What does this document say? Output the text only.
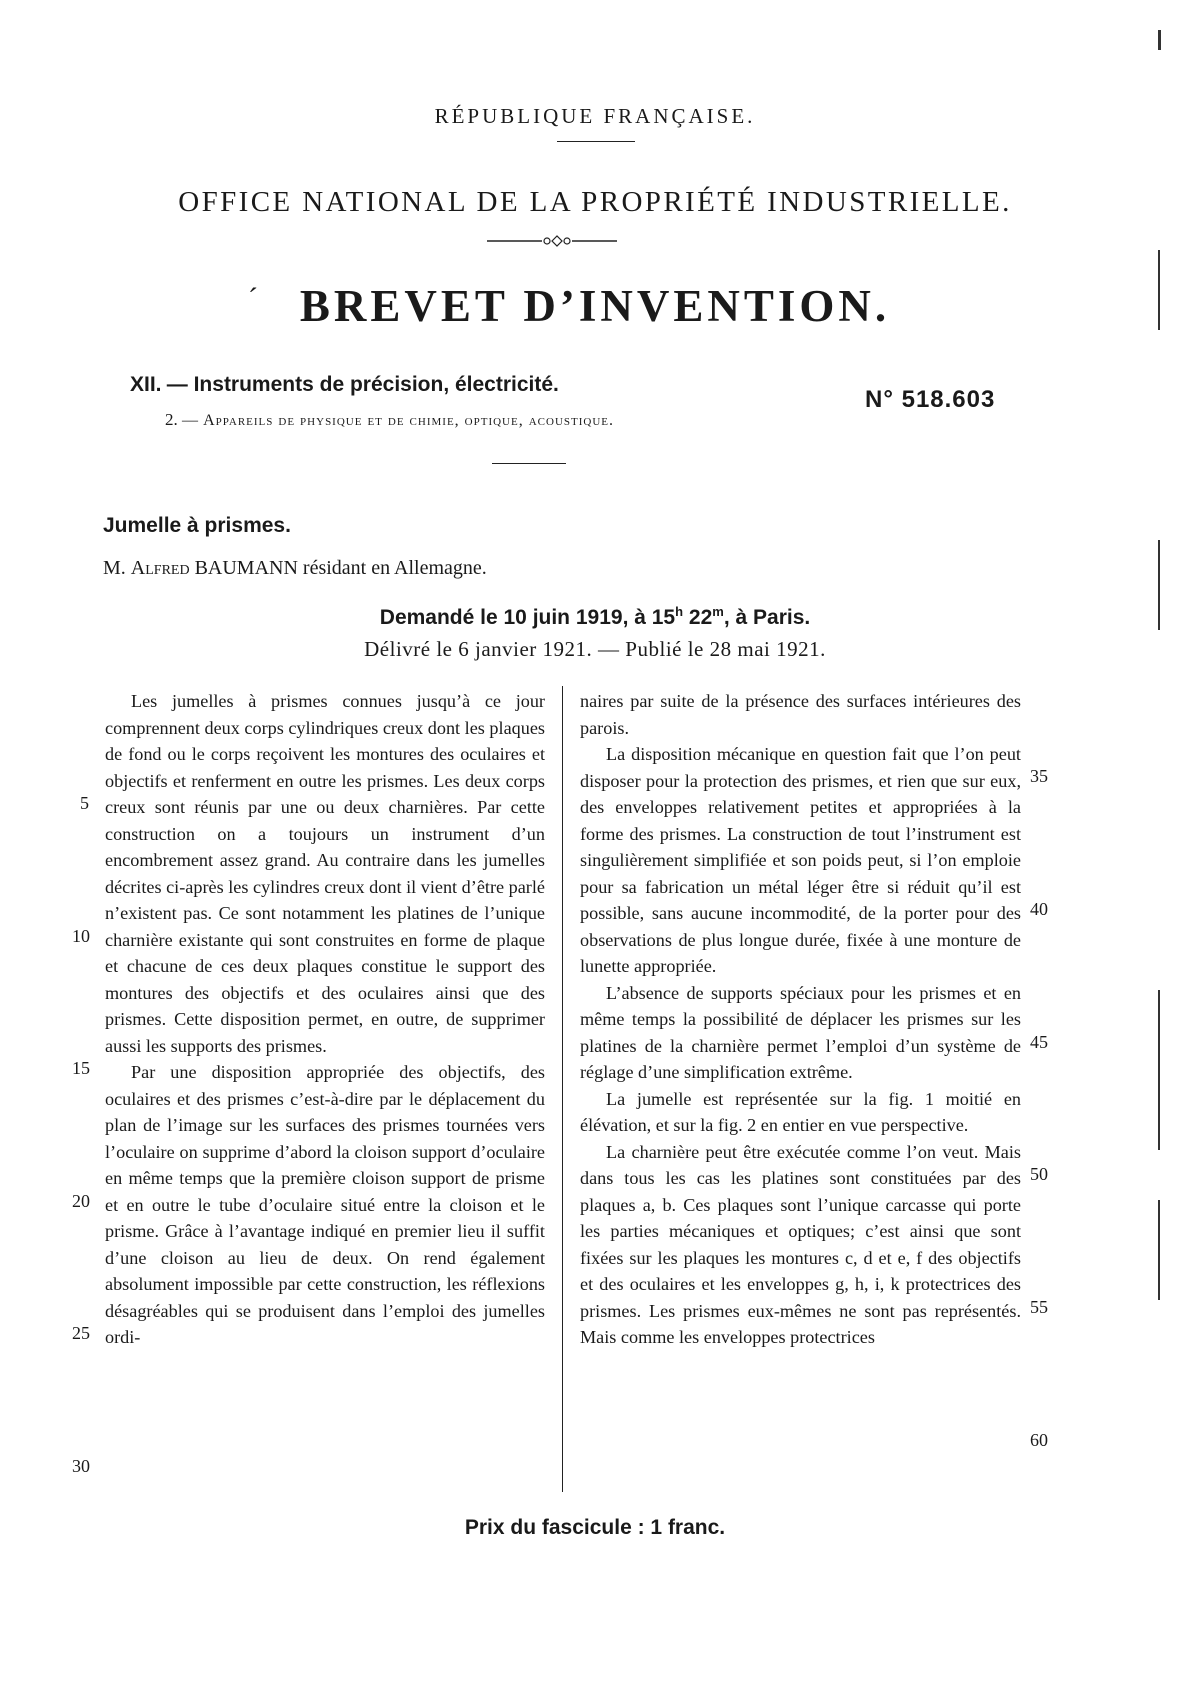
RÉPUBLIQUE FRANÇAISE.
OFFICE NATIONAL DE LA PROPRIÉTÉ INDUSTRIELLE.
´ BREVET D’INVENTION.
XII. — Instruments de précision, électricité.
2. — Appareils de physique et de chimie, optique, acoustique.
N° 518.603
Jumelle à prismes.
M. Alfred BAUMANN résidant en Allemagne.
Demandé le 10 juin 1919, à 15$^h$ 22$^m$, à Paris.
Délivré le 6 janvier 1921. — Publié le 28 mai 1921.

Les jumelles à prismes connues jusqu’à ce jour comprennent deux corps cylindriques creux dont les plaques de fond ou le corps reçoivent les montures des oculaires et objectifs et renferment en outre les prismes. Les deux corps creux sont réunis par une ou deux charnières. Par cette construction on a toujours un instrument d’un encombrement assez grand. Au contraire dans les jumelles décrites ci-après les cylindres creux dont il vient d’être parlé n’existent pas. Ce sont notamment les platines de l’unique charnière existante qui sont construites en forme de plaque et chacune de ces deux plaques constitue le support des montures des objectifs et des oculaires ainsi que des prismes. Cette disposition permet, en outre, de supprimer aussi les supports des prismes.

Par une disposition appropriée des objectifs, des oculaires et des prismes c’est-à-dire par le déplacement du plan de l’image sur les surfaces des prismes tournées vers l’oculaire on supprime d’abord la cloison support d’oculaire en même temps que la première cloison support de prisme et en outre le tube d’oculaire situé entre la cloison et le prisme. Grâce à l’avantage indiqué en premier lieu il suffit d’une cloison au lieu de deux. On rend également absolument impossible par cette construction, les réflexions désagréables qui se produisent dans l’emploi des jumelles ordi-

naires par suite de la présence des surfaces intérieures des parois.

La disposition mécanique en question fait que l’on peut disposer pour la protection des prismes, et rien que sur eux, des enveloppes relativement petites et appropriées à la forme des prismes. La construction de tout l’instrument est singulièrement simplifiée et son poids peut, si l’on emploie pour sa fabrication un métal léger être si réduit qu’il est possible, sans aucune incommodité, de la porter pour des observations de plus longue durée, fixée à une monture de lunette appropriée.

L’absence de supports spéciaux pour les prismes et en même temps la possibilité de déplacer les prismes sur les platines de la charnière permet l’emploi d’un système de réglage d’une simplification extrême.

La jumelle est représentée sur la fig. 1 moitié en élévation, et sur la fig. 2 en entier en vue perspective.

La charnière peut être exécutée comme l’on veut. Mais dans tous les cas les platines sont constituées par des plaques a, b. Ces plaques sont l’unique carcasse qui porte les parties mécaniques et optiques; c’est ainsi que sont fixées sur les plaques les montures c, d et e, f des objectifs et des oculaires et les enveloppes g, h, i, k protectrices des prismes. Les prismes eux-mêmes ne sont pas représentés. Mais comme les enveloppes protectrices

5
10
15
20
25
30
35
40
45
50
55
60
Prix du fascicule : 1 franc.
